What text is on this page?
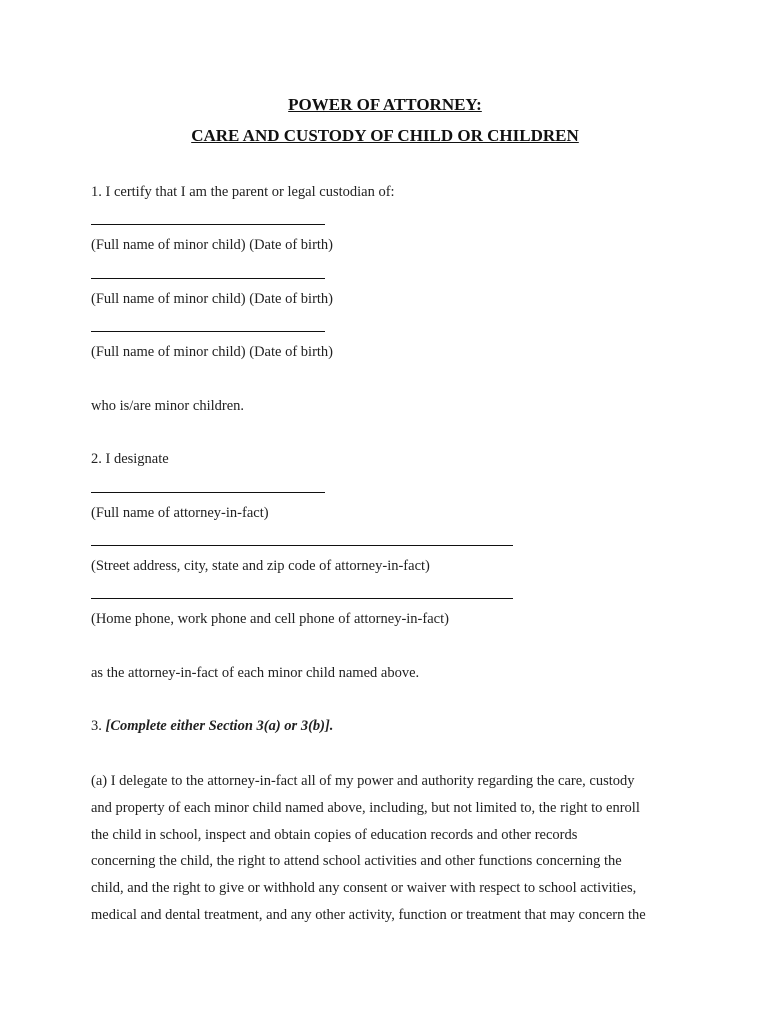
POWER OF ATTORNEY:
CARE AND CUSTODY OF CHILD OR CHILDREN

1. I certify that I am the parent or legal custodian of:

(Full name of minor child) (Date of birth)

(Full name of minor child) (Date of birth)

(Full name of minor child) (Date of birth)

who is/are minor children.

2. I designate

(Full name of attorney-in-fact)

(Street address, city, state and zip code of attorney-in-fact)

(Home phone, work phone and cell phone of attorney-in-fact)

as the attorney-in-fact of each minor child named above.

3. [Complete either Section 3(a) or 3(b)].

(a) I delegate to the attorney-in-fact all of my power and authority regarding the care, custody
and property of each minor child named above, including, but not limited to, the right to enroll
the child in school, inspect and obtain copies of education records and other records
concerning the child, the right to attend school activities and other functions concerning the
child, and the right to give or withhold any consent or waiver with respect to school activities,
medical and dental treatment, and any other activity, function or treatment that may concern the
